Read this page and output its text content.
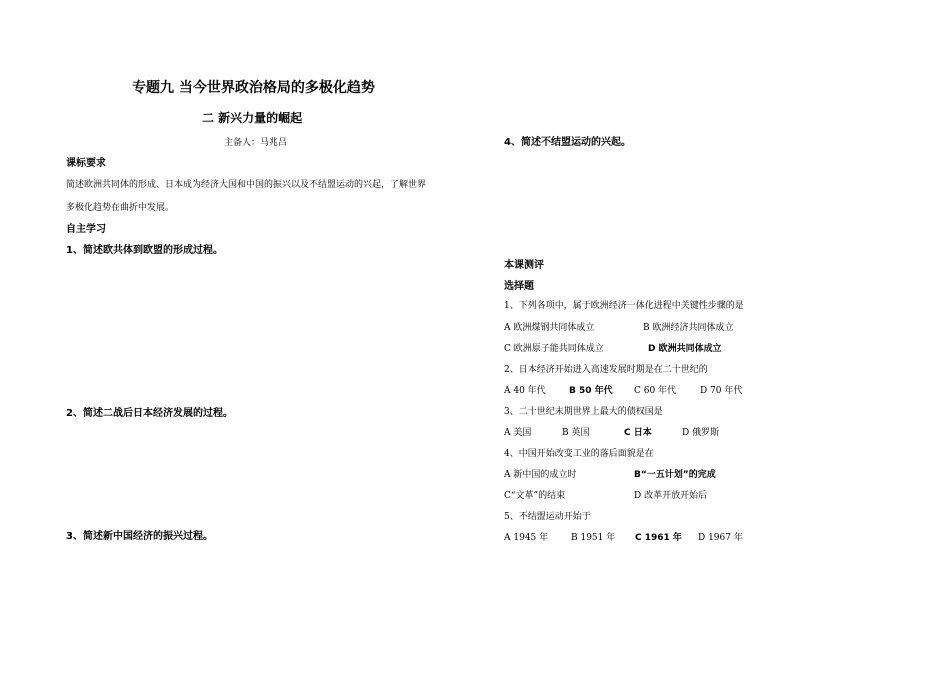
专题九 当今世界政治格局的多极化趋势
二 新兴力量的崛起
主备人：马兆吕
课标要求
简述欧洲共同体的形成、日本成为经济大国和中国的振兴以及不结盟运动的兴起，了解世界
多极化趋势在曲折中发展。
自主学习
1、简述欧共体到欧盟的形成过程。
2、简述二战后日本经济发展的过程。
3、简述新中国经济的振兴过程。
4、简述不结盟运动的兴起。
本课测评
选择题
1、下列各项中，属于欧洲经济一体化进程中关键性步骤的是
A 欧洲煤钢共同体成立	B 欧洲经济共同体成立
C 欧洲原子能共同体成立	D 欧洲共同体成立
2、日本经济开始进入高速发展时期是在二十世纪的
A 40 年代	B 50 年代 C 60 年代	D 70 年代
3、二十世纪末期世界上最大的债权国是
A 美国	B 英国	C 日本	D 俄罗斯
4、中国开始改变工业的落后面貌是在
A 新中国的成立时	B“一五计划”的完成
C“文革”的结束	D 改革开放开始后
5、不结盟运动开始于
A 1945 年	B 1951 年 C 1961 年 D 1967 年
